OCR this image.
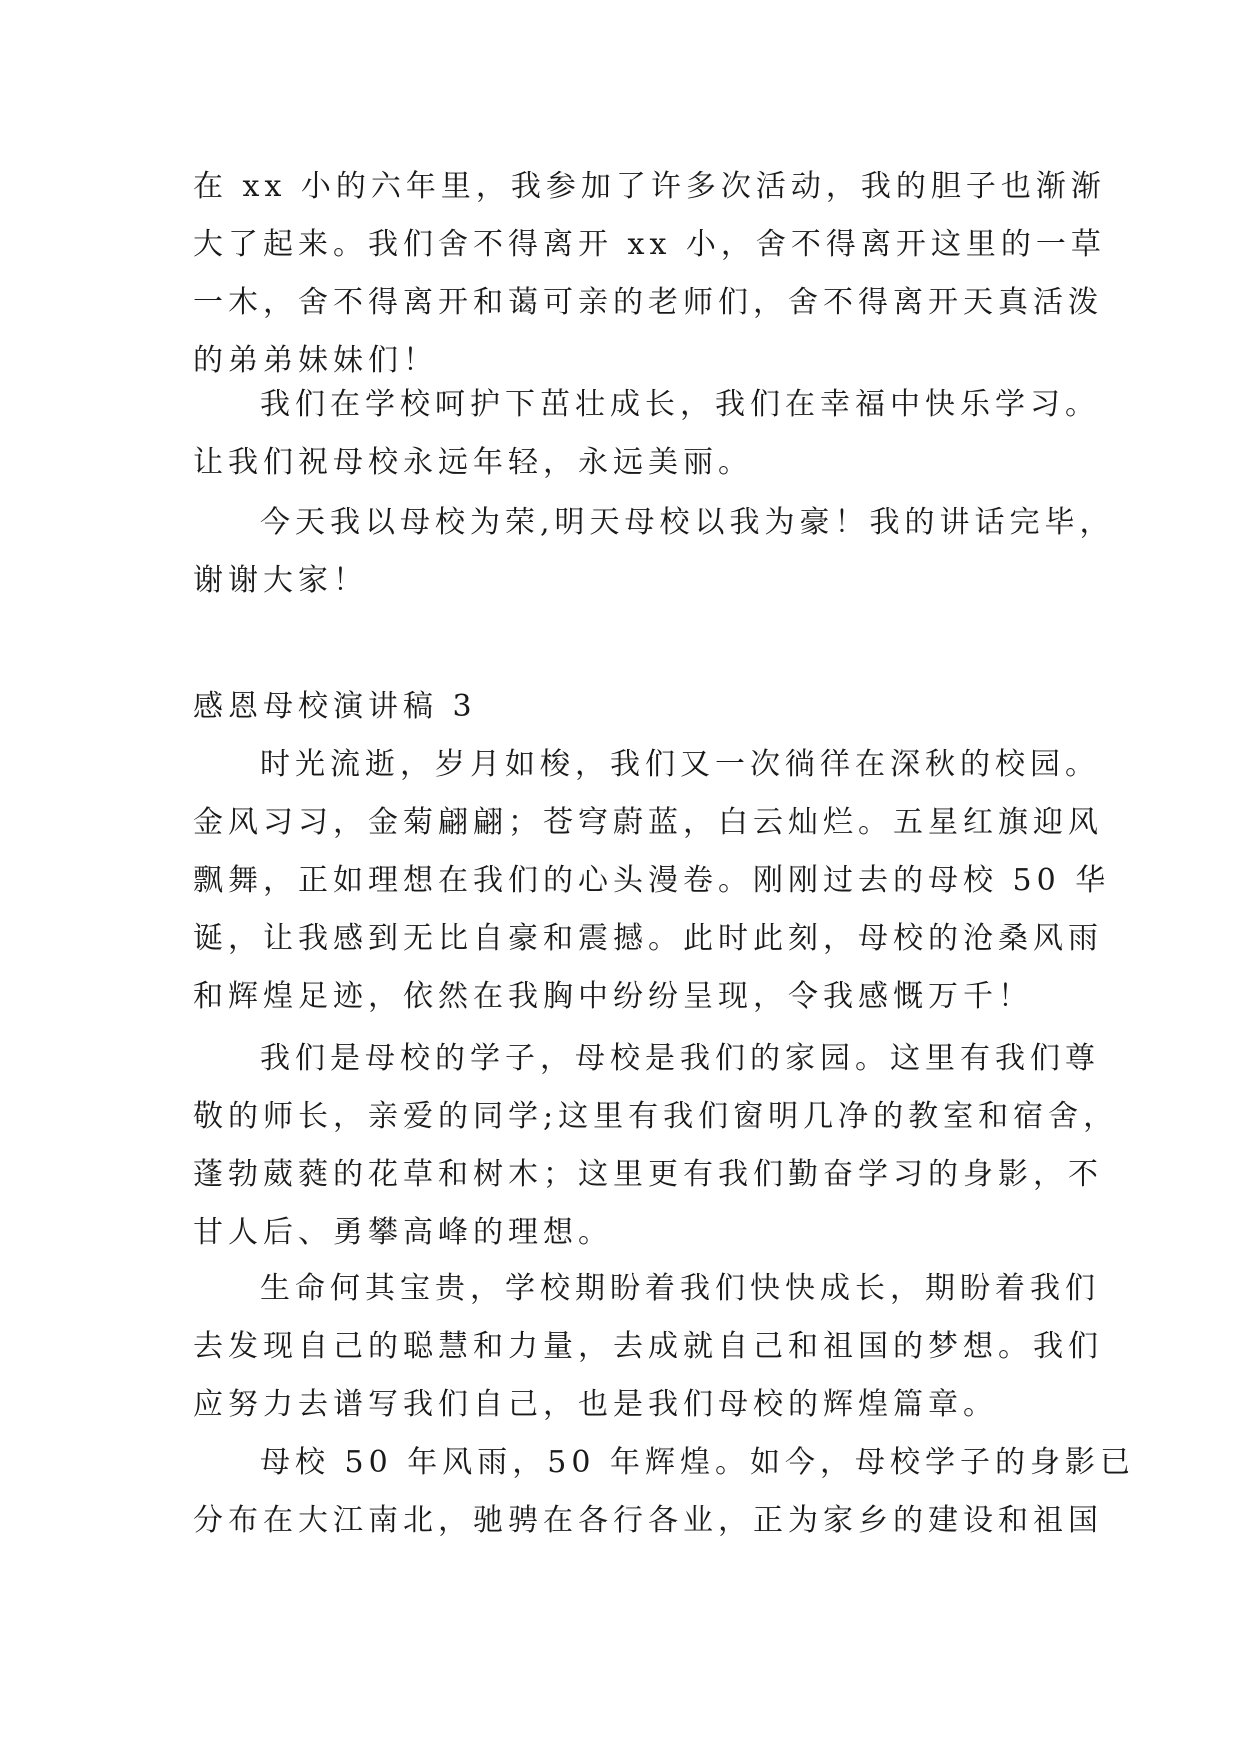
在 xx 小的六年里，我参加了许多次活动，我的胆子也渐渐
大了起来。我们舍不得离开 xx 小，舍不得离开这里的一草
一木，舍不得离开和蔼可亲的老师们，舍不得离开天真活泼
的弟弟妹妹们！
我们在学校呵护下茁壮成长，我们在幸福中快乐学习。
让我们祝母校永远年轻，永远美丽。
今天我以母校为荣,明天母校以我为豪！我的讲话完毕，
谢谢大家！
感恩母校演讲稿 3
时光流逝，岁月如梭，我们又一次徜徉在深秋的校园。
金风习习，金菊翩翩；苍穹蔚蓝，白云灿烂。五星红旗迎风
飘舞，正如理想在我们的心头漫卷。刚刚过去的母校 50 华
诞，让我感到无比自豪和震撼。此时此刻，母校的沧桑风雨
和辉煌足迹，依然在我胸中纷纷呈现，令我感慨万千！
我们是母校的学子，母校是我们的家园。这里有我们尊
敬的师长，亲爱的同学;这里有我们窗明几净的教室和宿舍，
蓬勃葳蕤的花草和树木；这里更有我们勤奋学习的身影，不
甘人后、勇攀高峰的理想。
生命何其宝贵，学校期盼着我们快快成长，期盼着我们
去发现自己的聪慧和力量，去成就自己和祖国的梦想。我们
应努力去谱写我们自己，也是我们母校的辉煌篇章。
母校 50 年风雨，50 年辉煌。如今，母校学子的身影已
分布在大江南北，驰骋在各行各业，正为家乡的建设和祖国
